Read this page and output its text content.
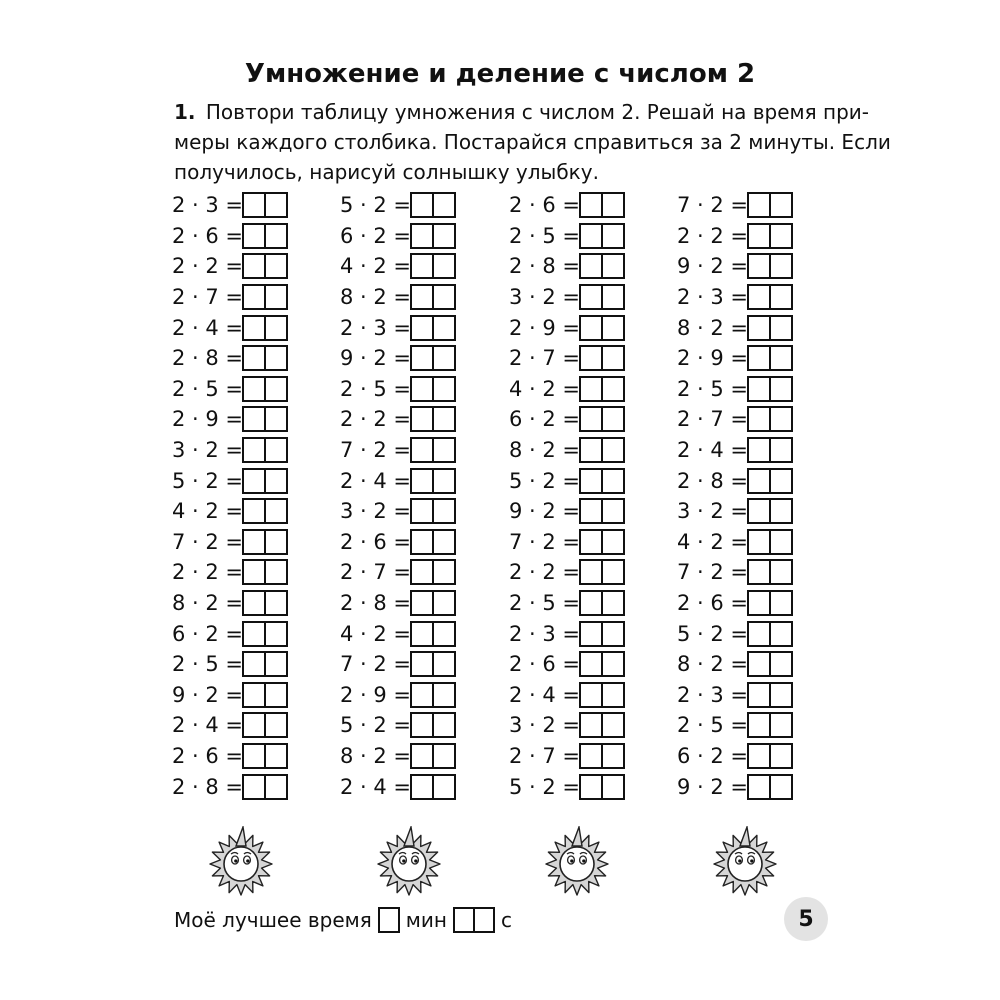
Умножение и деление с числом 2
1. Повтори таблицу умножения с числом 2. Решай на время при-
меры каждого столбика. Постарайся справиться за 2 минуты. Если
получилось, нарисуй солнышку улыбку.
2 · 3 =
2 · 6 =
2 · 2 =
2 · 7 =
2 · 4 =
2 · 8 =
2 · 5 =
2 · 9 =
3 · 2 =
5 · 2 =
4 · 2 =
7 · 2 =
2 · 2 =
8 · 2 =
6 · 2 =
2 · 5 =
9 · 2 =
2 · 4 =
2 · 6 =
2 · 8 =
5 · 2 =
6 · 2 =
4 · 2 =
8 · 2 =
2 · 3 =
9 · 2 =
2 · 5 =
2 · 2 =
7 · 2 =
2 · 4 =
3 · 2 =
2 · 6 =
2 · 7 =
2 · 8 =
4 · 2 =
7 · 2 =
2 · 9 =
5 · 2 =
8 · 2 =
2 · 4 =
2 · 6 =
2 · 5 =
2 · 8 =
3 · 2 =
2 · 9 =
2 · 7 =
4 · 2 =
6 · 2 =
8 · 2 =
5 · 2 =
9 · 2 =
7 · 2 =
2 · 2 =
2 · 5 =
2 · 3 =
2 · 6 =
2 · 4 =
3 · 2 =
2 · 7 =
5 · 2 =
7 · 2 =
2 · 2 =
9 · 2 =
2 · 3 =
8 · 2 =
2 · 9 =
2 · 5 =
2 · 7 =
2 · 4 =
2 · 8 =
3 · 2 =
4 · 2 =
7 · 2 =
2 · 6 =
5 · 2 =
8 · 2 =
2 · 3 =
2 · 5 =
6 · 2 =
9 · 2 =
Моё лучшее время мин	с	5
